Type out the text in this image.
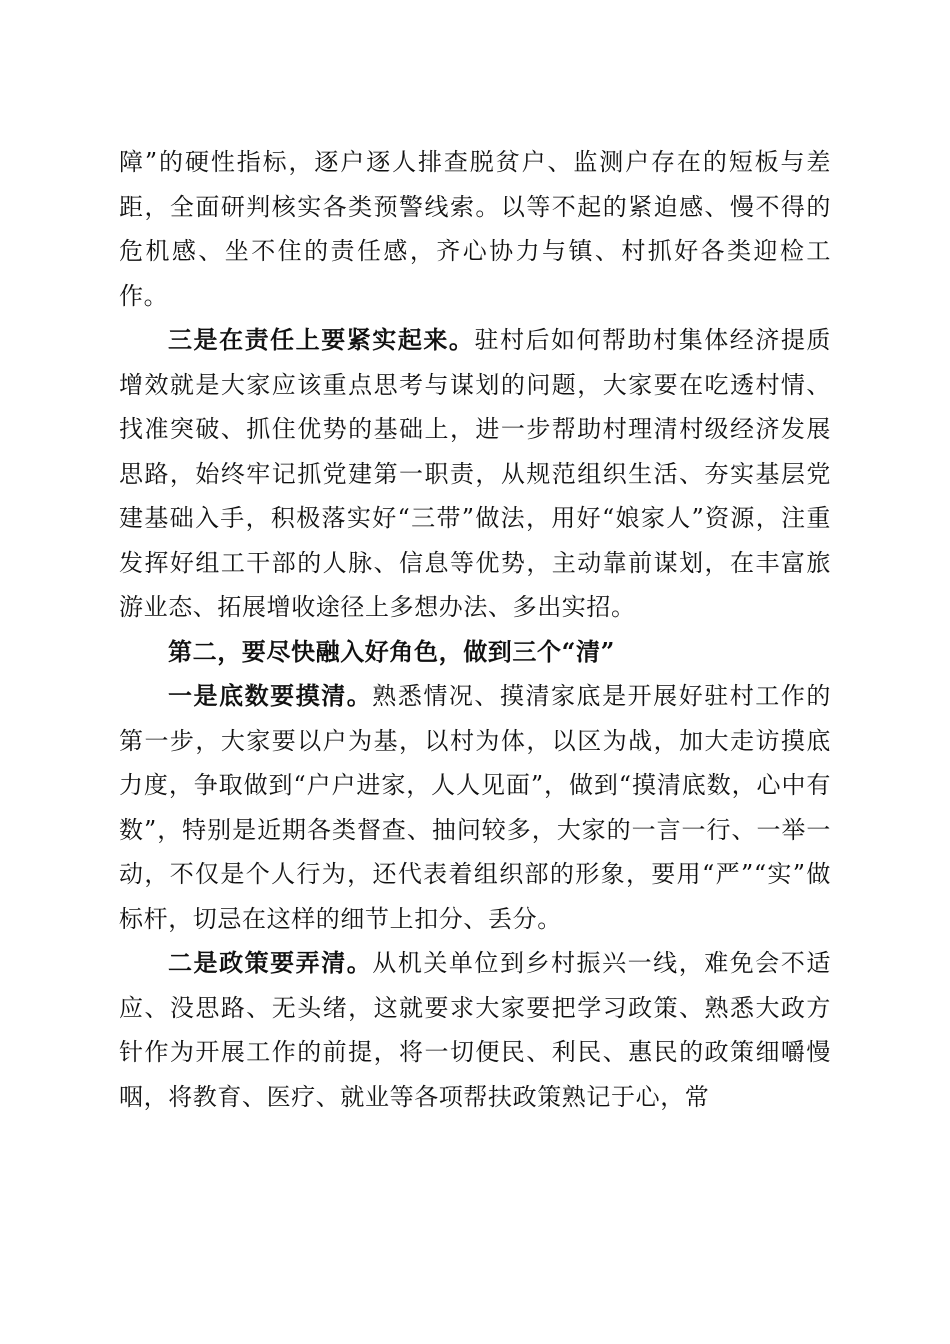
障”的硬性指标，逐户逐人排查脱贫户、监测户存在的短板与差距，全面研判核实各类预警线索。以等不起的紧迫感、慢不得的危机感、坐不住的责任感，齐心协力与镇、村抓好各类迎检工作。

三是在责任上要紧实起来。驻村后如何帮助村集体经济提质增效就是大家应该重点思考与谋划的问题，大家要在吃透村情、找准突破、抓住优势的基础上，进一步帮助村理清村级经济发展思路，始终牢记抓党建第一职责，从规范组织生活、夯实基层党建基础入手，积极落实好“三带”做法，用好“娘家人”资源，注重发挥好组工干部的人脉、信息等优势，主动靠前谋划，在丰富旅游业态、拓展增收途径上多想办法、多出实招。

第二，要尽快融入好角色，做到三个“清”

一是底数要摸清。熟悉情况、摸清家底是开展好驻村工作的第一步，大家要以户为基，以村为体，以区为战，加大走访摸底力度，争取做到“户户进家，人人见面”，做到“摸清底数，心中有数”，特别是近期各类督查、抽问较多，大家的一言一行、一举一动，不仅是个人行为，还代表着组织部的形象，要用“严”“实”做标杆，切忌在这样的细节上扣分、丢分。

二是政策要弄清。从机关单位到乡村振兴一线，难免会不适应、没思路、无头绪，这就要求大家要把学习政策、熟悉大政方针作为开展工作的前提，将一切便民、利民、惠民的政策细嚼慢咽，将教育、医疗、就业等各项帮扶政策熟记于心，常
